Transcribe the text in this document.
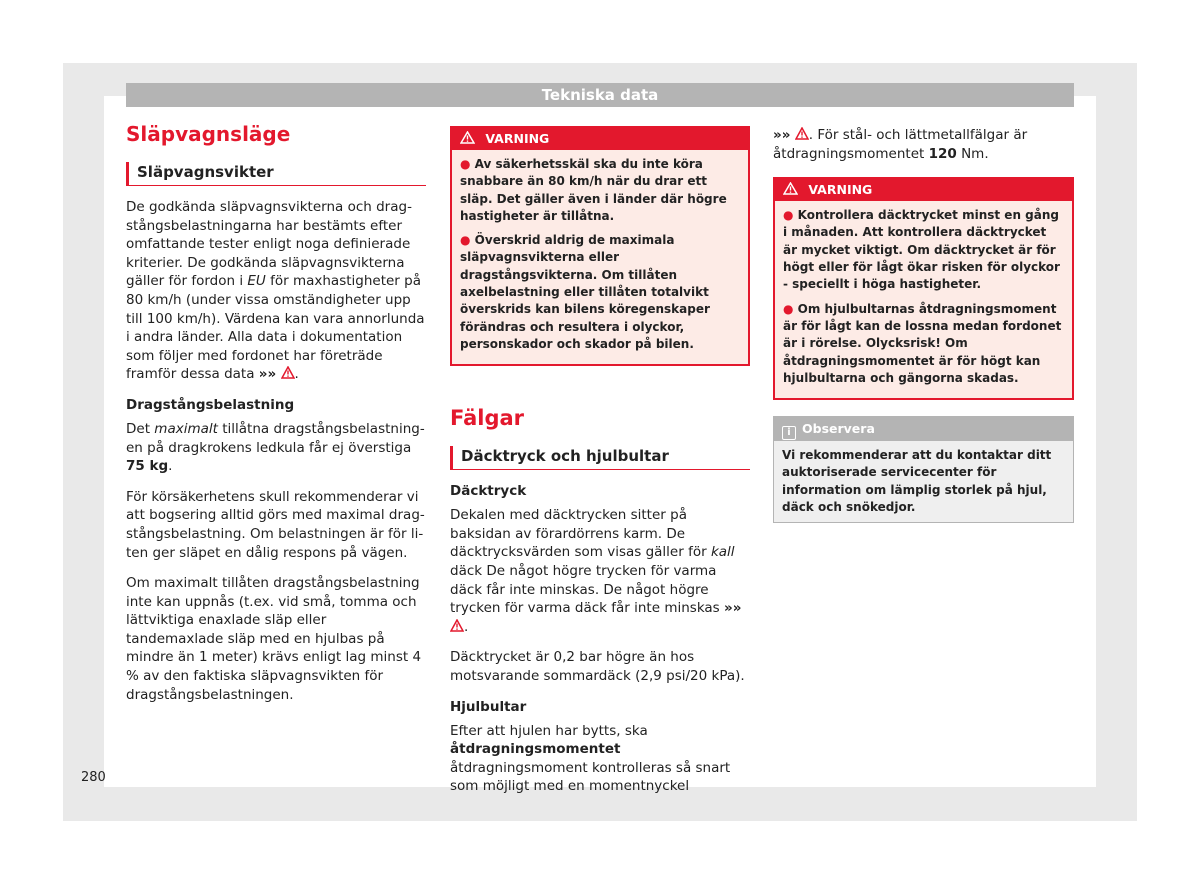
Tekniska data
Släpvagnsläge
Släpvagnsvikter

De godkända släpvagnsvikterna och dragstångsbelastningarna har bestämts efter omfattande tester enligt noga definierade kriterier. De godkända släpvagnsvikterna gäller för fordon i EU för maxhastigheter på 80 km/h (under vissa omständigheter upp till 100 km/h). Värdena kan vara annorlunda i andra länder. Alla data i dokumentation som följer med fordonet har företräde framför dessa data »» .

Dragstångsbelastning

Det maximalt tillåtna dragstångsbelastningen på dragkrokens ledkula får ej överstiga 75 kg.

För körsäkerhetens skull rekommenderar vi att bogsering alltid görs med maximal dragstångsbelastning. Om belastningen är för liten ger släpet en dålig respons på vägen.

Om maximalt tillåten dragstångsbelastning inte kan uppnås (t.ex. vid små, tomma och lättviktiga enaxlade släp eller tandemaxlade släp med en hjulbas på mindre än 1 meter) krävs enligt lag minst 4 % av den faktiska släpvagnsvikten för dragstångsbelastningen.

VARNING

● Av säkerhetsskäl ska du inte köra snabbare än 80 km/h när du drar ett släp. Det gäller även i länder där högre hastigheter är tillåtna.

● Överskrid aldrig de maximala släpvagnsvikterna eller dragstångsvikterna. Om tillåten axelbelastning eller tillåten totalvikt överskrids kan bilens köregenskaper förändras och resultera i olyckor, personskador och skador på bilen.

Fälgar
Däcktryck och hjulbultar
Däcktryck

Dekalen med däcktrycken sitter på baksidan av förardörrens karm. De däcktrycksvärden som visas gäller för kall däck De något högre trycken för varma däck får inte minskas. De något högre trycken för varma däck får inte minskas »» .

Däcktrycket är 0,2 bar högre än hos motsvarande sommardäck (2,9 psi/20 kPa).

Hjulbultar

Efter att hjulen har bytts, ska åtdragningsmomentet åtdragningsmoment kontrolleras så snart som möjligt med en momentnyckel

»» . För stål- och lättmetallfälgar är åtdragningsmomentet 120 Nm.

VARNING

● Kontrollera däcktrycket minst en gång i månaden. Att kontrollera däcktrycket är mycket viktigt. Om däcktrycket är för högt eller för lågt ökar risken för olyckor - speciellt i höga hastigheter.

● Om hjulbultarnas åtdragningsmoment är för lågt kan de lossna medan fordonet är i rörelse. Olycksrisk! Om åtdragningsmomentet är för högt kan hjulbultarna och gängorna skadas.

i Observera

Vi rekommenderar att du kontaktar ditt auktoriserade servicecenter för information om lämplig storlek på hjul, däck och snökedjor.

280
